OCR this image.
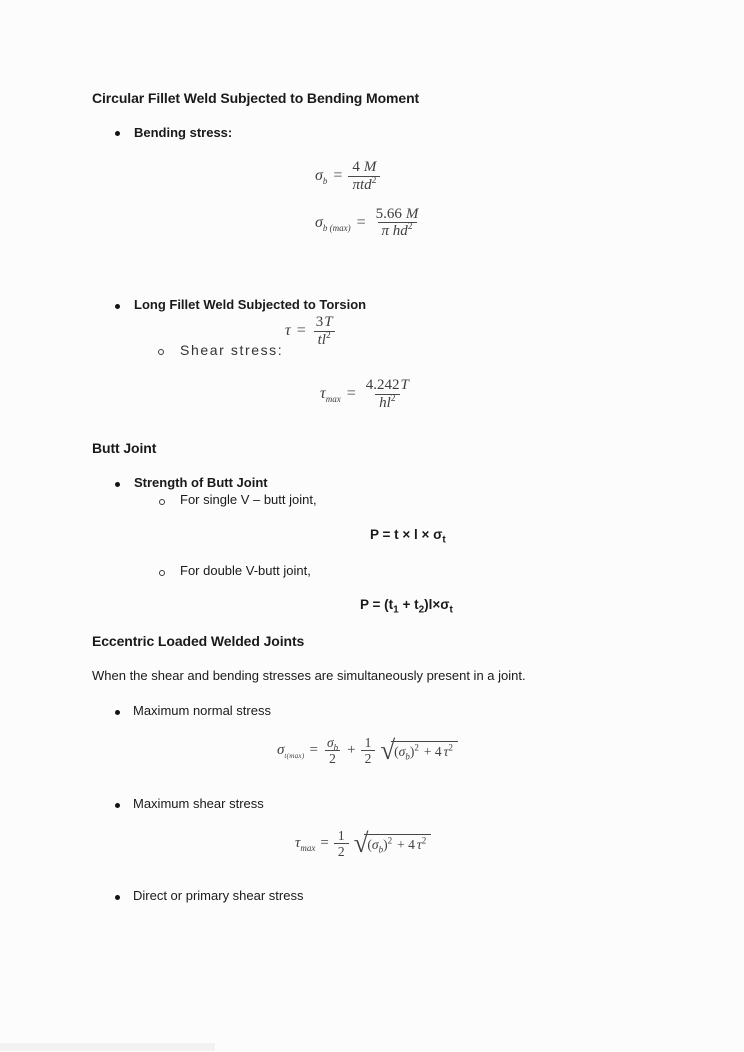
Circular Fillet Weld Subjected to Bending Moment
Bending stress:
$\sigma_b = \frac{4 M}{\pi td^2}$
$\sigma_{b (max)} = \frac{5.66 M}{\pi hd^2}$
Long Fillet Weld Subjected to Torsion
Shear stress:
$\tau = \frac{3T}{tl^2}$
$\tau_{max} = \frac{4.242T}{hl^2}$
Butt Joint
Strength of Butt Joint
For single V – butt joint,
$P = t \times l \times \sigma_t$
For double V-butt joint,
$P = (t_1 + t_2)l\times\sigma_t$
Eccentric Loaded Welded Joints
When the shear and bending stresses are simultaneously present in a joint.
Maximum normal stress
$\sigma_{t(max)} = \frac{\sigma_b}{2} + \frac{1}{2}$ √ $(\sigma_b)^2 + 4$ $\tau^2$
Maximum shear stress
$\tau_{max} = \frac{1}{2}$ √ $(\sigma_b)^2 + 4$ $\tau^2$
Direct or primary shear stress
